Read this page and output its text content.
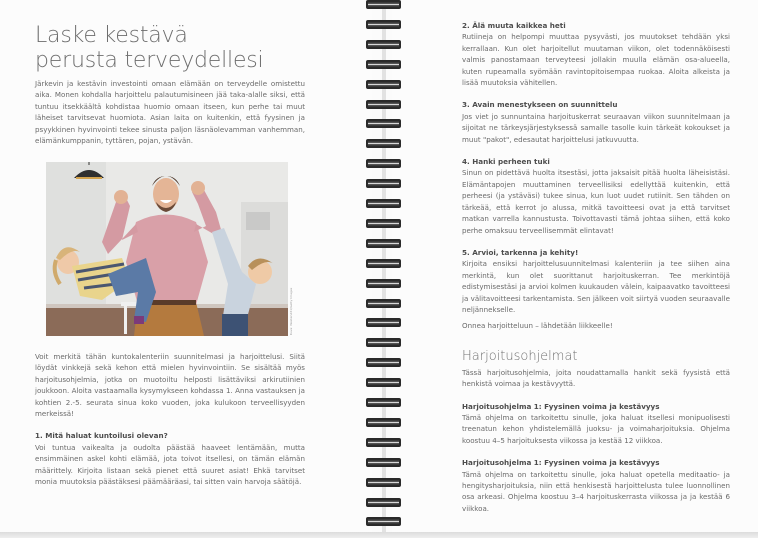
Laske kestävä
perusta terveydellesi

Järkevin ja kestävin investointi omaan elämään on terveydelle omistettu aika. Monen kohdalla harjoittelu palautumisineen jää taka-alalle siksi, että tuntuu itsekkäältä kohdistaa huomio omaan itseen, kun perhe tai muut läheiset tarvitsevat huomiota. Asian laita on kuitenkin, että fyysinen ja psyykkinen hyvinvointi tekee sinusta paljon läsnäolevamman vanhemman, elämänkumppanin, tyttären, pojan, ystävän.

Kuva: Westend61/Getty Images

Voit merkitä tähän kuntokalenteriin suunnitelmasi ja harjoittelusi. Siitä löydät vinkkejä sekä kehon että mielen hyvinvointiin. Se sisältää myös harjoitusohjelmia, jotka on muotoiltu helposti lisättäviksi arkirutiinien joukkoon. Aloita vastaamalla kysymykseen kohdassa 1. Anna vastauksen ja kohtien 2.-5. seurata sinua koko vuoden, joka kulukoon terveellisyyden merkeissä!

1. Mitä haluat kuntoilusi olevan?

Voi tuntua vaikealta ja oudolta päästää haaveet lentämään, mutta ensimmäinen askel kohti elämää, jota toivot itsellesi, on tämän elämän määrittely. Kirjoita listaan sekä pienet että suuret asiat! Ehkä tarvitset monia muutoksia päästäksesi päämääräasi, tai sitten vain harvoja säätöjä.

2. Älä muuta kaikkea heti

Rutiineja on helpompi muuttaa pysyvästi, jos muutokset tehdään yksi kerrallaan. Kun olet harjoitellut muutaman viikon, olet todennäköisesti valmis panostamaan terveyteesi jollakin muulla elämän osa-alueella, kuten rupeamalla syömään ravintopitoisempaa ruokaa. Aloita alkeista ja lisää muutoksia vähitellen.

3. Avain menestykseen on suunnittelu

Jos viet jo sunnuntaina harjoituskerrat seuraavan viikon suunnitelmaan ja sijoitat ne tärkeysjärjestyksessä samalle tasolle kuin tärkeät kokoukset ja muut "pakot", edesautat harjoittelusi jatkuvuutta.

4. Hanki perheen tuki

Sinun on pidettävä huolta itsestäsi, jotta jaksaisit pitää huolta läheisistäsi. Elämäntapojen muuttaminen terveellisiksi edellyttää kuitenkin, että perheesi (ja ystäväsi) tukee sinua, kun luot uudet rutiinit. Sen tähden on tärkeää, että kerrot jo alussa, mitkä tavoitteesi ovat ja että tarvitset matkan varrella kannustusta. Toivottavasti tämä johtaa siihen, että koko perhe omaksuu terveellisemmät elintavat!

5. Arvioi, tarkenna ja kehity!

Kirjoita ensiksi harjoittelusuunnitelmasi kalenteriin ja tee siihen aina merkintä, kun olet suorittanut harjoituskerran. Tee merkintöjä edistymisestäsi ja arvioi kolmen kuukauden välein, kaipaavatko tavoitteesi ja välitavoitteesi tarkentamista. Sen jälkeen voit siirtyä vuoden seuraavalle neljännekselle.

Onnea harjoitteluun – lähdetään liikkeelle!

Harjoitusohjelmat

Tässä harjoitusohjelmia, joita noudattamalla hankit sekä fyysistä että henkistä voimaa ja kestävyyttä.

Harjoitusohjelma 1: Fyysinen voima ja kestävyys

Tämä ohjelma on tarkoitettu sinulle, joka haluat itsellesi monipuolisesti treenatun kehon yhdistelemällä juoksu- ja voimaharjoituksia. Ohjelma koostuu 4–5 harjoituksesta viikossa ja kestää 12 viikkoa.

Harjoitusohjelma 1: Fyysinen voima ja kestävyys

Tämä ohjelma on tarkoitettu sinulle, joka haluat opetella meditaatio- ja hengitysharjoituksia, niin että henkisestä harjoittelusta tulee luonnollinen osa arkeasi. Ohjelma koostuu 3–4 harjoituskerrasta viikossa ja ja kestää 6 viikkoa.
